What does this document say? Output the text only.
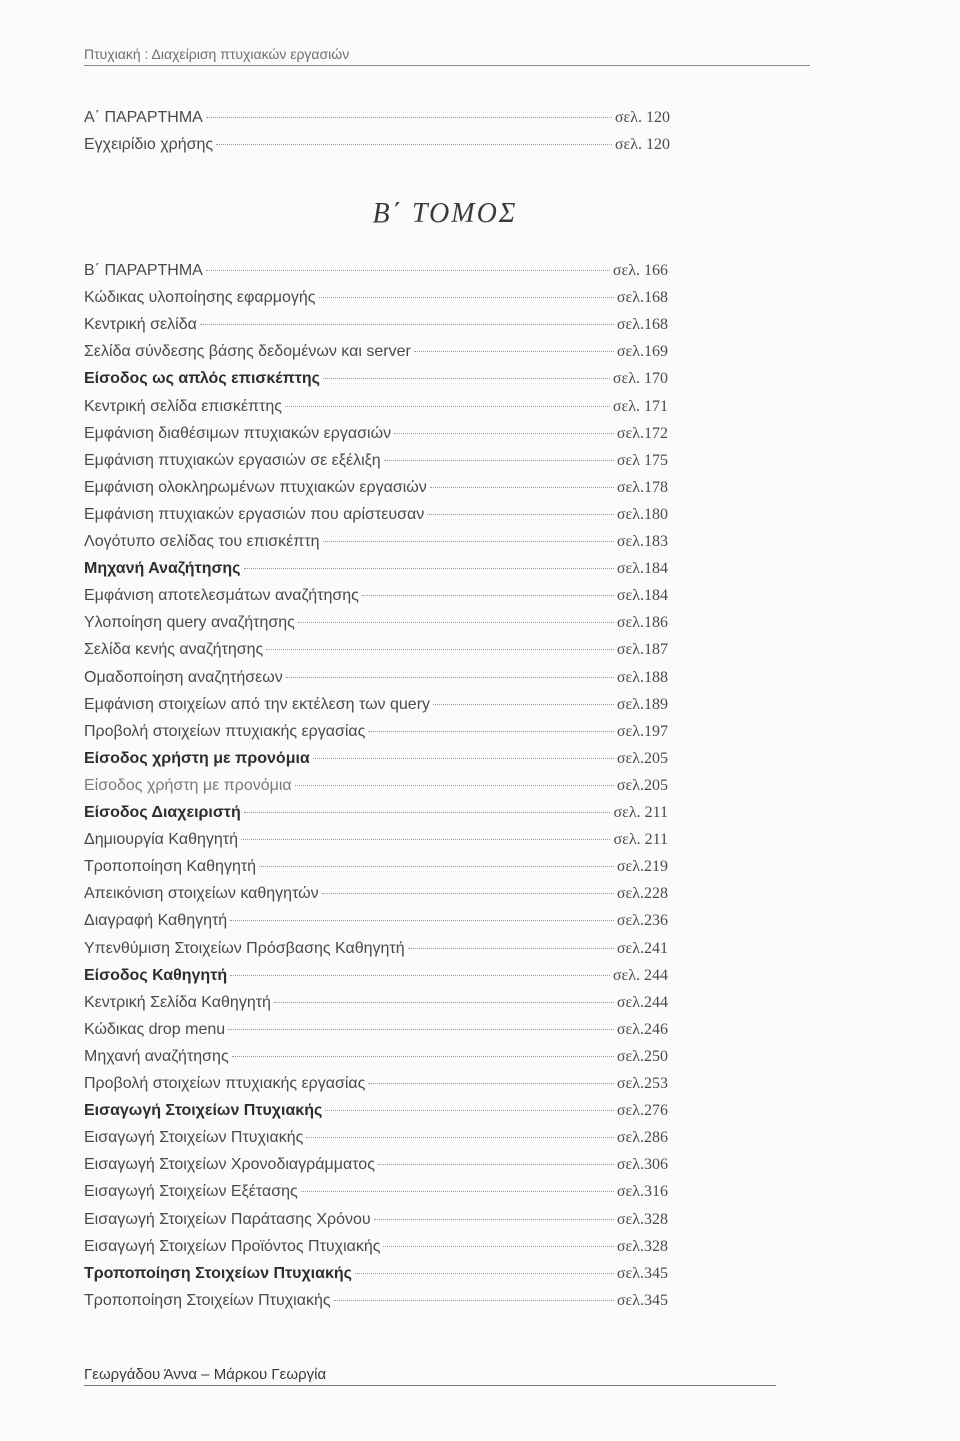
Πτυχιακή : Διαχείριση πτυχιακών εργασιών
Α΄ ΠΑΡΑΡΤΗΜΑ	σελ. 120
Εγχειρίδιο χρήσης	σελ. 120
Β΄ ΤΟΜΟΣ
Β΄ ΠΑΡΑΡΤΗΜΑ	σελ. 166
Κώδικας υλοποίησης εφαρμογής	σελ.168
Κεντρική σελίδα	σελ.168
Σελίδα σύνδεσης βάσης δεδομένων και server	σελ.169
Είσοδος ως απλός επισκέπτης	σελ. 170
Κεντρική σελίδα επισκέπτης	σελ. 171
Εμφάνιση διαθέσιμων πτυχιακών εργασιών	σελ.172
Εμφάνιση πτυχιακών εργασιών σε εξέλιξη	σελ 175
Εμφάνιση ολοκληρωμένων πτυχιακών εργασιών	σελ.178
Εμφάνιση πτυχιακών εργασιών που αρίστευσαν	σελ.180
Λογότυπο σελίδας του επισκέπτη	σελ.183
Μηχανή Αναζήτησης	σελ.184
Εμφάνιση αποτελεσμάτων αναζήτησης	σελ.184
Υλοποίηση query αναζήτησης	σελ.186
Σελίδα κενής αναζήτησης	σελ.187
Ομαδοποίηση αναζητήσεων	σελ.188
Εμφάνιση στοιχείων από την εκτέλεση των query	σελ.189
Προβολή στοιχείων πτυχιακής εργασίας	σελ.197
Είσοδος χρήστη με προνόμια	σελ.205
Είσοδος χρήστη με προνόμια	σελ.205
Είσοδος Διαχειριστή	σελ. 211
Δημιουργία Καθηγητή	σελ. 211
Τροποποίηση Καθηγητή	σελ.219
Απεικόνιση στοιχείων καθηγητών	σελ.228
Διαγραφή Καθηγητή	σελ.236
Υπενθύμιση Στοιχείων Πρόσβασης Καθηγητή	σελ.241
Είσοδος Καθηγητή	σελ. 244
Κεντρική Σελίδα Καθηγητή	σελ.244
Κώδικας drop menu	σελ.246
Μηχανή αναζήτησης	σελ.250
Προβολή στοιχείων πτυχιακής εργασίας	σελ.253
Εισαγωγή Στοιχείων Πτυχιακής	σελ.276
Εισαγωγή Στοιχείων Πτυχιακής	σελ.286
Εισαγωγή Στοιχείων Χρονοδιαγράμματος	σελ.306
Εισαγωγή Στοιχείων Εξέτασης	σελ.316
Εισαγωγή Στοιχείων Παράτασης Χρόνου	σελ.328
Εισαγωγή Στοιχείων Προϊόντος Πτυχιακής	σελ.328
Τροποποίηση Στοιχείων Πτυχιακής	σελ.345
Τροποποίηση Στοιχείων Πτυχιακής	σελ.345
Γεωργάδου Άννα – Μάρκου Γεωργία
